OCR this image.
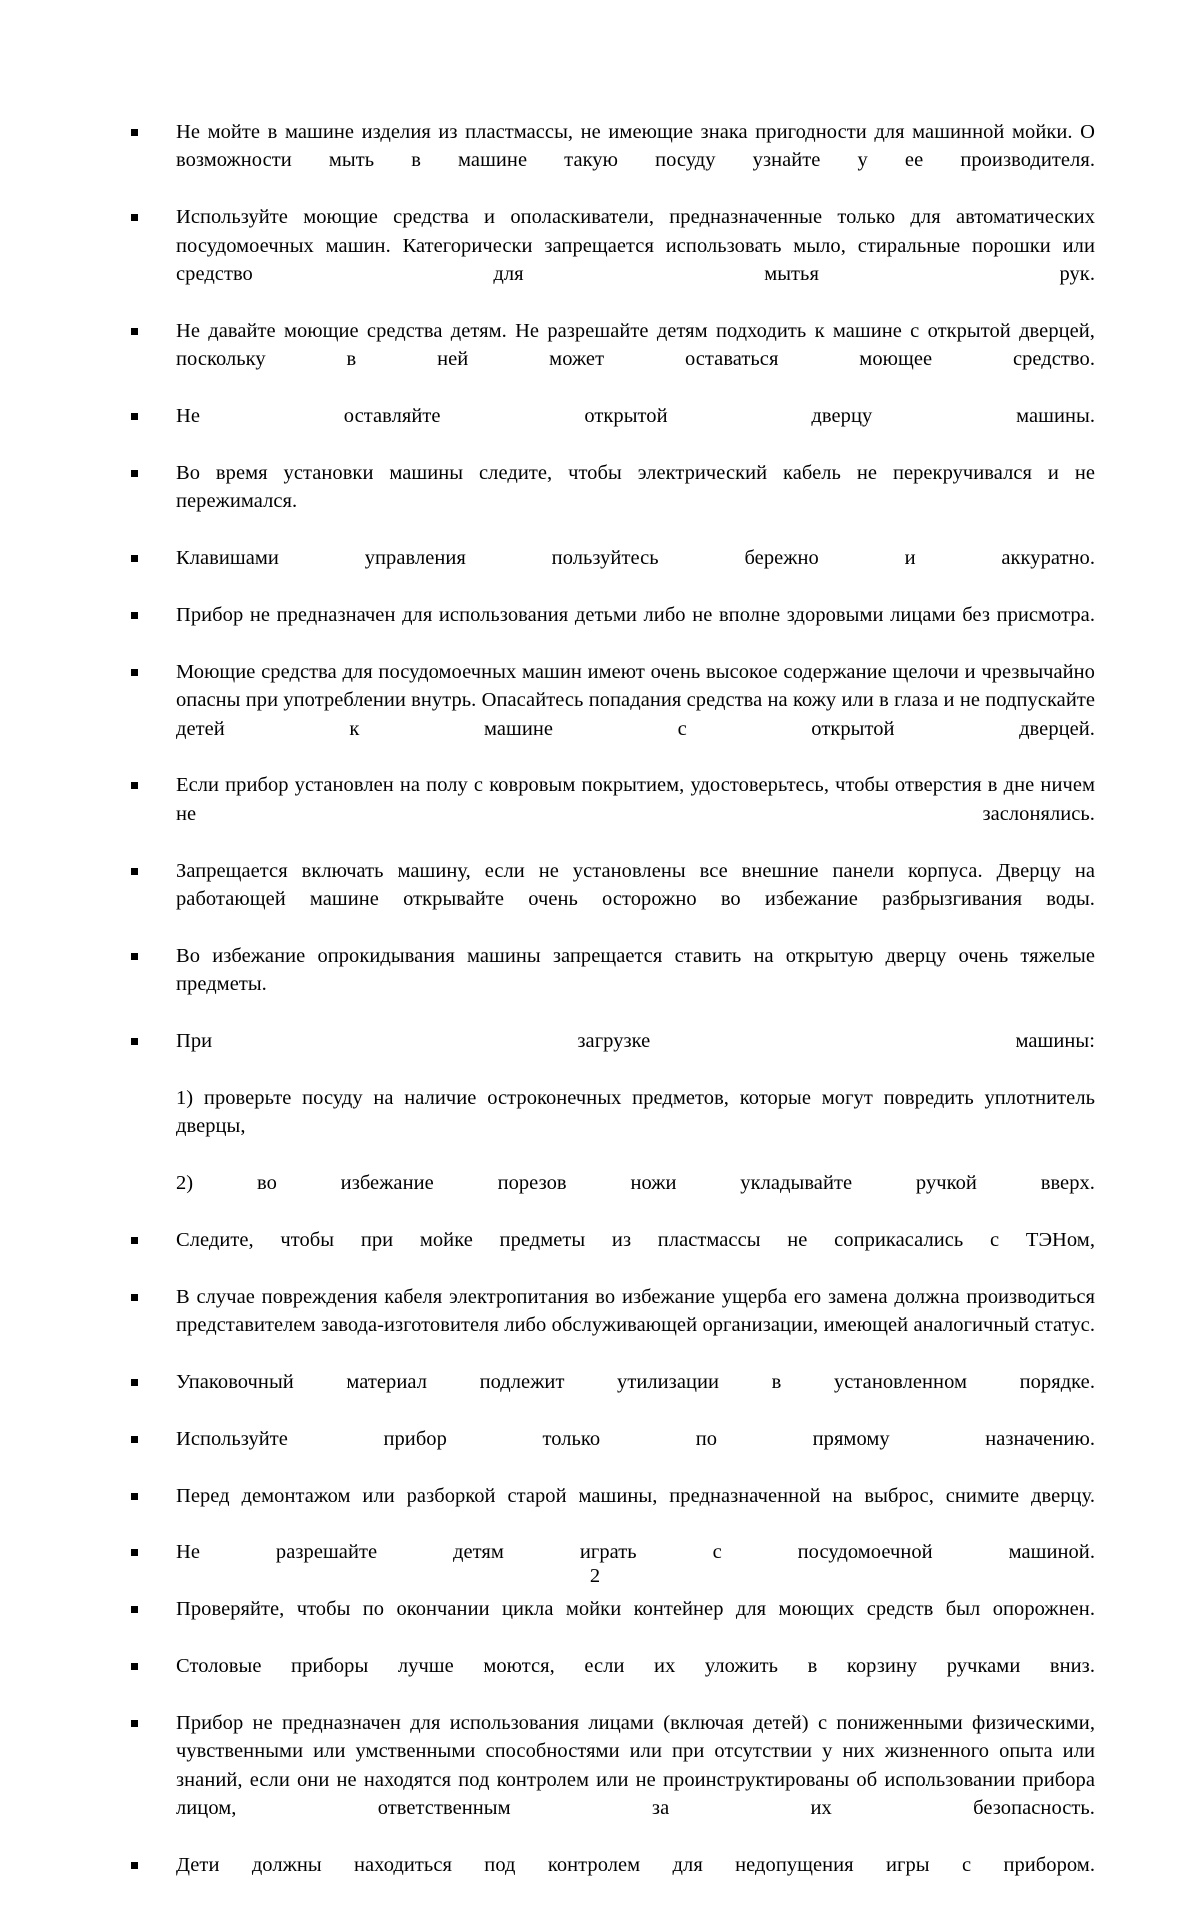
Не мойте в машине изделия из пластмассы, не имеющие знака пригодности для машинной мойки. О возможности мыть в машине такую посуду узнайте у ее производителя.
Используйте моющие средства и ополаскиватели, предназначенные только для автоматических посудомоечных машин. Категорически запрещается использовать мыло, стиральные порошки или средство для мытья рук.
Не давайте моющие средства детям. Не разрешайте детям подходить к машине с открытой дверцей, поскольку в ней может оставаться моющее средство.
Не оставляйте открытой дверцу машины.
Во время установки машины следите, чтобы электрический кабель не перекручивался и не пережимался.
Клавишами управления пользуйтесь бережно и аккуратно.
Прибор не предназначен для использования детьми либо не вполне здоровыми лицами без присмотра.
Моющие средства для посудомоечных машин имеют очень высокое содержание щелочи и чрезвычайно опасны при употреблении внутрь. Опасайтесь попадания средства на кожу или в глаза и не подпускайте детей к машине с открытой дверцей.
Если прибор установлен на полу с ковровым покрытием, удостоверьтесь, чтобы отверстия в дне ничем не заслонялись.
Запрещается включать машину, если не установлены все внешние панели корпуса. Дверцу на работающей машине открывайте очень осторожно во избежание разбрызгивания воды.
Во избежание опрокидывания машины запрещается ставить на открытую дверцу очень тяжелые предметы.
При загрузке машины:
1) проверьте посуду на наличие остроконечных предметов, которые могут повредить уплотнитель дверцы,
2) во избежание порезов ножи укладывайте ручкой вверх.
Следите, чтобы при мойке предметы из пластмассы не соприкасались с ТЭНом,
В случае повреждения кабеля электропитания во избежание ущерба его замена должна производиться представителем завода-изготовителя либо обслуживающей организации, имеющей аналогичный статус.
Упаковочный материал подлежит утилизации в установленном порядке.
Используйте прибор только по прямому назначению.
Перед демонтажом или разборкой старой машины, предназначенной на выброс, снимите дверцу.
Не разрешайте детям играть с посудомоечной машиной.
Проверяйте, чтобы по окончании цикла мойки контейнер для моющих средств был опорожнен.
Столовые приборы лучше моются, если их уложить в корзину ручками вниз.
Прибор не предназначен для использования лицами (включая детей) с пониженными физическими, чувственными или умственными способностями или при отсутствии у них жизненного опыта или знаний, если они не находятся под контролем или не проинструктированы об использовании прибора лицом, ответственным за их безопасность.
Дети должны находиться под контролем для недопущения игры с прибором.
2
